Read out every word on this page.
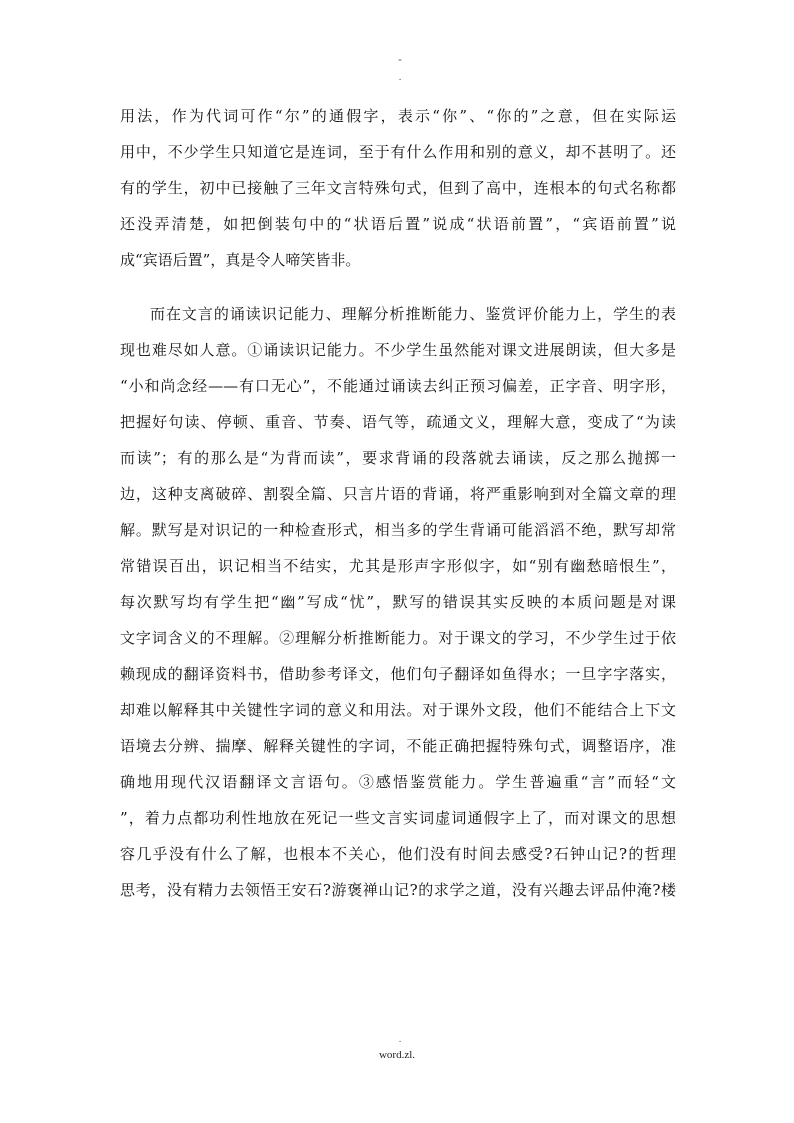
-
.
用法，作为代词可作“尔”的通假字，表示“你”、“你的”之意，但在实际运
用中，不少学生只知道它是连词，至于有什么作用和别的意义，却不甚明了。还
有的学生，初中已接触了三年文言特殊句式，但到了高中，连根本的句式名称都
还没弄清楚，如把倒装句中的“状语后置”说成“状语前置”，“宾语前置”说
成“宾语后置”，真是令人啼笑皆非。
而在文言的诵读识记能力、理解分析推断能力、鉴赏评价能力上，学生的表
现也难尽如人意。①诵读识记能力。不少学生虽然能对课文进展朗读，但大多是
“小和尚念经——有口无心”，不能通过诵读去纠正预习偏差，正字音、明字形，
把握好句读、停顿、重音、节奏、语气等，疏通文义，理解大意，变成了“为读
而读”；有的那么是“为背而读”，要求背诵的段落就去诵读，反之那么抛掷一
边，这种支离破碎、割裂全篇、只言片语的背诵，将严重影响到对全篇文章的理
解。默写是对识记的一种检查形式，相当多的学生背诵可能滔滔不绝，默写却常
常错误百出，识记相当不结实，尤其是形声字形似字，如“别有幽愁暗恨生”，
每次默写均有学生把“幽”写成“忧”，默写的错误其实反映的本质问题是对课
文字词含义的不理解。②理解分析推断能力。对于课文的学习，不少学生过于依
赖现成的翻译资料书，借助参考译文，他们句子翻译如鱼得水；一旦字字落实，
却难以解释其中关键性字词的意义和用法。对于课外文段，他们不能结合上下文
语境去分辨、揣摩、解释关键性的字词，不能正确把握特殊句式，调整语序，准
确地用现代汉语翻译文言语句。③感悟鉴赏能力。学生普遍重“言”而轻“文
”，着力点都功利性地放在死记一些文言实词虚词通假字上了，而对课文的思想
容几乎没有什么了解，也根本不关心，他们没有时间去感受?石钟山记?的哲理
思考，没有精力去领悟王安石?游褒禅山记?的求学之道，没有兴趣去评品仲淹?楼
.
word.zl.
